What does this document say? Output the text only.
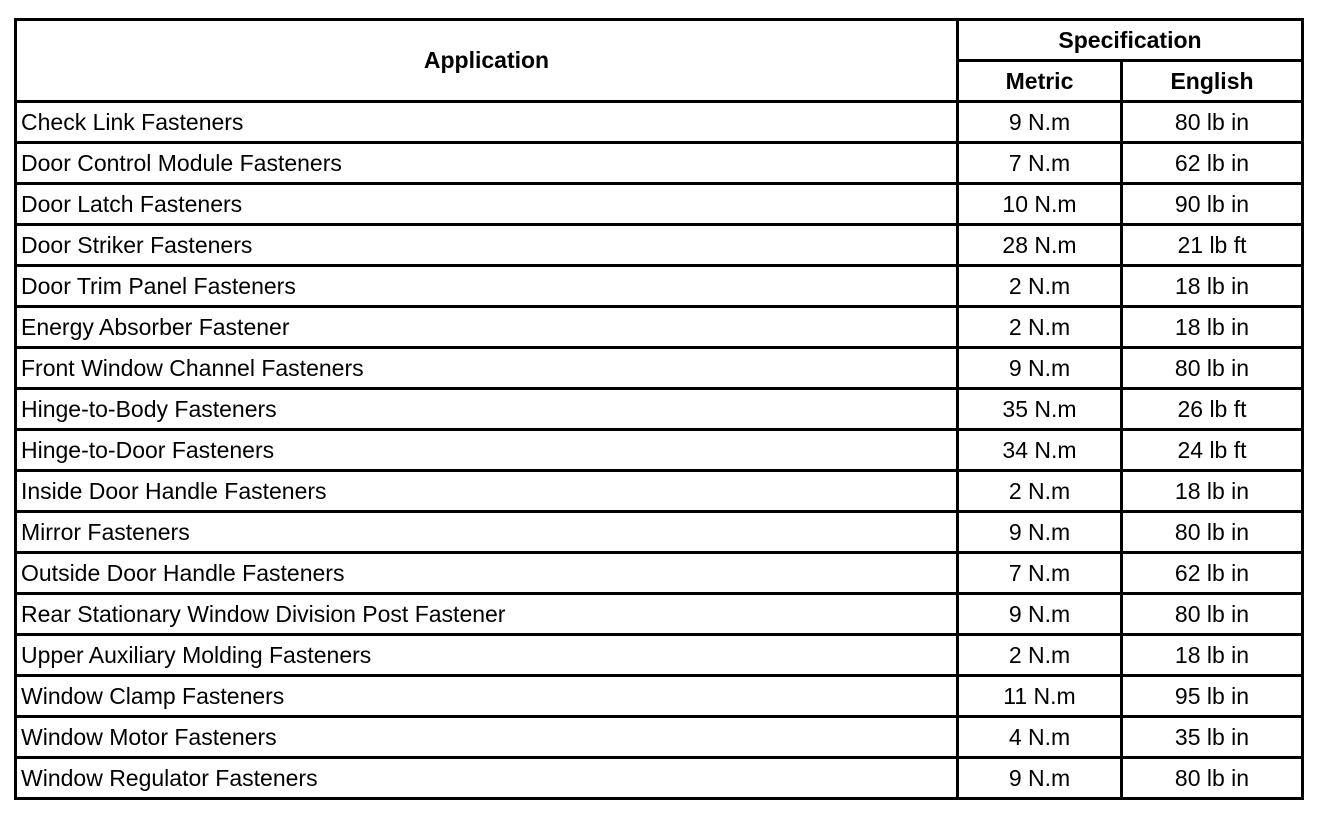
Application	Specification	
	Metric	English
Check Link Fasteners	9 N.m	80 lb in
Door Control Module Fasteners	7 N.m	62 lb in
Door Latch Fasteners	10 N.m	90 lb in
Door Striker Fasteners	28 N.m	21 lb ft
Door Trim Panel Fasteners	2 N.m	18 lb in
Energy Absorber Fastener	2 N.m	18 lb in
Front Window Channel Fasteners	9 N.m	80 lb in
Hinge-to-Body Fasteners	35 N.m	26 lb ft
Hinge-to-Door Fasteners	34 N.m	24 lb ft
Inside Door Handle Fasteners	2 N.m	18 lb in
Mirror Fasteners	9 N.m	80 lb in
Outside Door Handle Fasteners	7 N.m	62 lb in
Rear Stationary Window Division Post Fastener	9 N.m	80 lb in
Upper Auxiliary Molding Fasteners	2 N.m	18 lb in
Window Clamp Fasteners	11 N.m	95 lb in
Window Motor Fasteners	4 N.m	35 lb in
Window Regulator Fasteners	9 N.m	80 lb in
